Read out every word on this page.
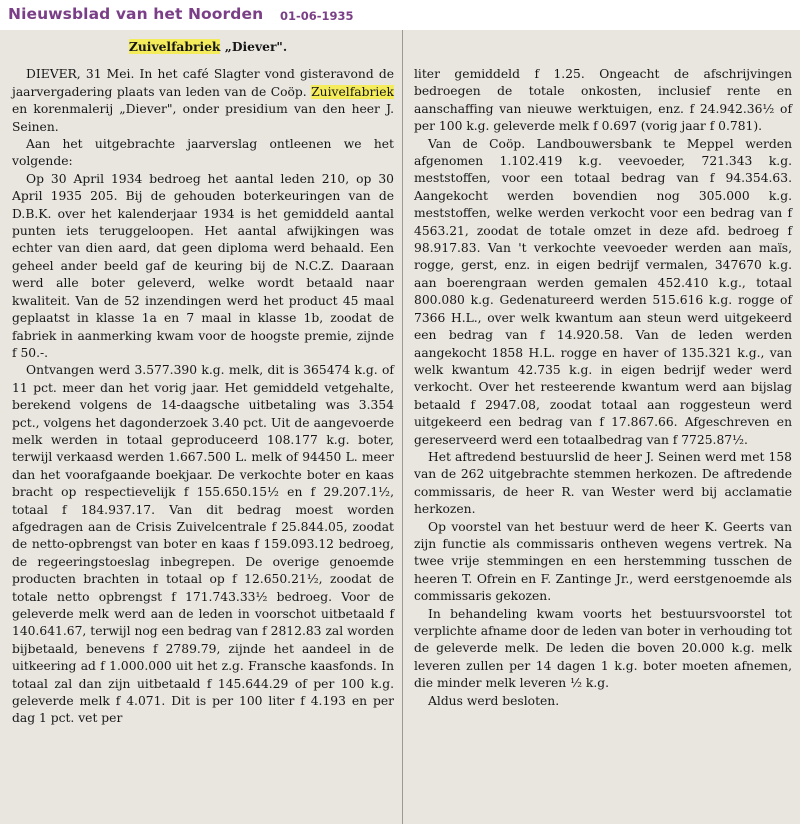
Nieuwsblad van het Noorden 01-06-1935
Zuivelfabriek „Diever".

DIEVER, 31 Mei. In het café Slagter vond gisteravond de jaarvergadering plaats van leden van de Coöp. Zuivelfabriek en korenmalerij „Diever", onder presidium van den heer J. Seinen.

Aan het uitgebrachte jaarverslag ontleenen we het volgende:

Op 30 April 1934 bedroeg het aantal leden 210, op 30 April 1935 205. Bij de gehouden boterkeuringen van de D.B.K. over het kalenderjaar 1934 is het gemiddeld aantal punten iets teruggeloopen. Het aantal afwijkingen was echter van dien aard, dat geen diploma werd behaald. Een geheel ander beeld gaf de keuring bij de N.C.Z. Daaraan werd alle boter geleverd, welke wordt betaald naar kwaliteit. Van de 52 inzendingen werd het product 45 maal geplaatst in klasse 1a en 7 maal in klasse 1b, zoodat de fabriek in aanmerking kwam voor de hoogste premie, zijnde f 50.-.

Ontvangen werd 3.577.390 k.g. melk, dit is 365474 k.g. of 11 pct. meer dan het vorig jaar. Het gemiddeld vetgehalte, berekend volgens de 14-daagsche uitbetaling was 3.354 pct., volgens het dagonderzoek 3.40 pct. Uit de aangevoerde melk werden in totaal geproduceerd 108.177 k.g. boter, terwijl verkaasd werden 1.667.500 L. melk of 94450 L. meer dan het voorafgaande boekjaar. De verkochte boter en kaas bracht op respectievelijk f 155.650.15½ en f 29.207.1½, totaal f 184.937.17. Van dit bedrag moest worden afgedragen aan de Crisis Zuivelcentrale f 25.844.05, zoodat de netto-opbrengst van boter en kaas f 159.093.12 bedroeg, de regeeringstoeslag inbegrepen. De overige genoemde producten brachten in totaal op f 12.650.21½, zoodat de totale netto opbrengst f 171.743.33½ bedroeg. Voor de geleverde melk werd aan de leden in voorschot uitbetaald f 140.641.67, terwijl nog een bedrag van f 2812.83 zal worden bijbetaald, benevens f 2789.79, zijnde het aandeel in de uitkeering ad f 1.000.000 uit het z.g. Fransche kaasfonds. In totaal zal dan zijn uitbetaald f 145.644.29 of per 100 k.g. geleverde melk f 4.071. Dit is per 100 liter f 4.193 en per dag 1 pct. vet per

liter gemiddeld f 1.25. Ongeacht de afschrijvingen bedroegen de totale onkosten, inclusief rente en aanschaffing van nieuwe werktuigen, enz. f 24.942.36½ of per 100 k.g. geleverde melk f 0.697 (vorig jaar f 0.781).

Van de Coöp. Landbouwersbank te Meppel werden afgenomen 1.102.419 k.g. veevoeder, 721.343 k.g. meststoffen, voor een totaal bedrag van f 94.354.63. Aangekocht werden bovendien nog 305.000 k.g. meststoffen, welke werden verkocht voor een bedrag van f 4563.21, zoodat de totale omzet in deze afd. bedroeg f 98.917.83. Van 't verkochte veevoeder werden aan maïs, rogge, gerst, enz. in eigen bedrijf vermalen, 347670 k.g. aan boerengraan werden gemalen 452.410 k.g., totaal 800.080 k.g. Gedenatureerd werden 515.616 k.g. rogge of 7366 H.L., over welk kwantum aan steun werd uitgekeerd een bedrag van f 14.920.58. Van de leden werden aangekocht 1858 H.L. rogge en haver of 135.321 k.g., van welk kwantum 42.735 k.g. in eigen bedrijf weder werd verkocht. Over het resteerende kwantum werd aan bijslag betaald f 2947.08, zoodat totaal aan roggesteun werd uitgekeerd een bedrag van f 17.867.66. Afgeschreven en gereserveerd werd een totaalbedrag van f 7725.87½.

Het aftredend bestuurslid de heer J. Seinen werd met 158 van de 262 uitgebrachte stemmen herkozen. De aftredende commissaris, de heer R. van Wester werd bij acclamatie herkozen.

Op voorstel van het bestuur werd de heer K. Geerts van zijn functie als commissaris ontheven wegens vertrek. Na twee vrije stemmingen en een herstemming tusschen de heeren T. Ofrein en F. Zantinge Jr., werd eerstgenoemde als commissaris gekozen.

In behandeling kwam voorts het bestuursvoorstel tot verplichte afname door de leden van boter in verhouding tot de geleverde melk. De leden die boven 20.000 k.g. melk leveren zullen per 14 dagen 1 k.g. boter moeten afnemen, die minder melk leveren ½ k.g.

Aldus werd besloten.
